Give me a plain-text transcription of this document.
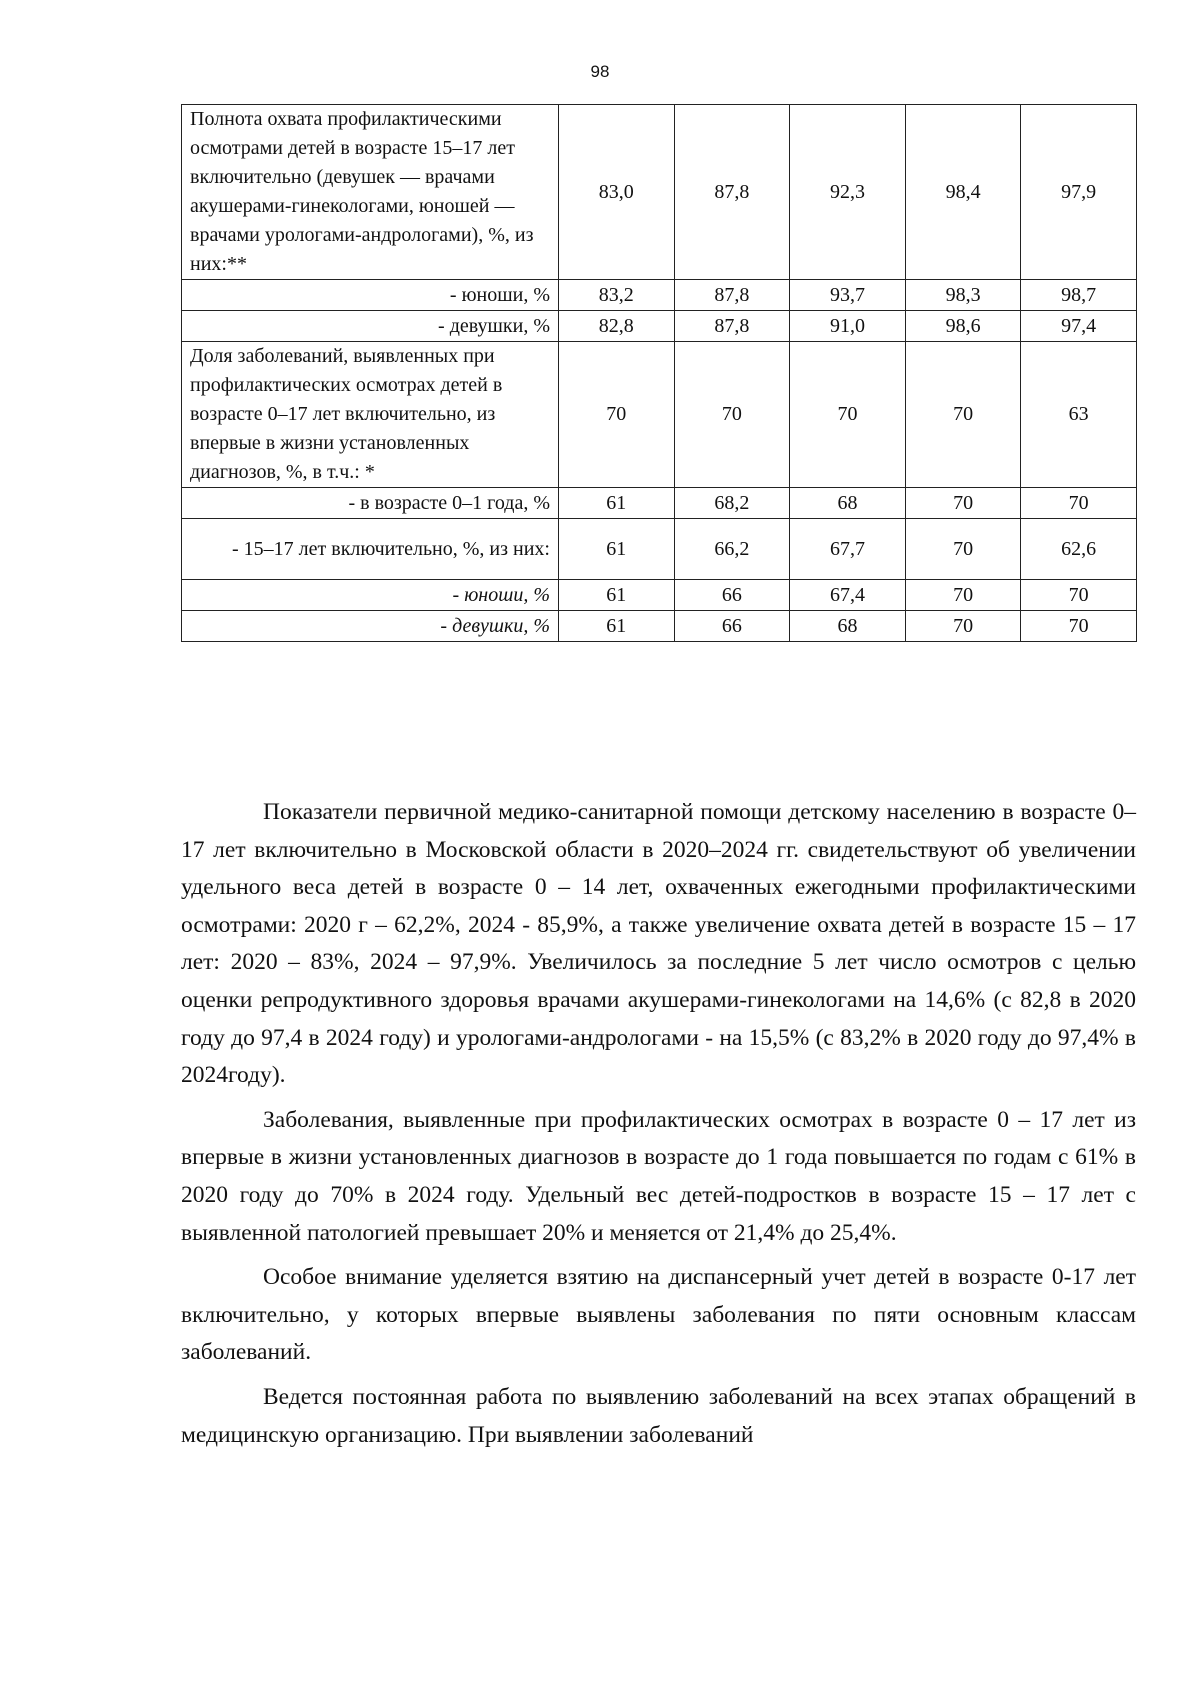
98
Полнота охвата профилактическими осмотрами детей в возрасте 15–17 лет включительно (девушек — врачами акушерами-гинекологами, юношей — врачами урологами-андрологами), %, из них:**	83,0	87,8	92,3	98,4	97,9
- юноши, %	83,2	87,8	93,7	98,3	98,7
- девушки, %	82,8	87,8	91,0	98,6	97,4
Доля заболеваний, выявленных при профилактических осмотрах детей в возрасте 0–17 лет включительно, из впервые в жизни установленных диагнозов, %, в т.ч.: *	70	70	70	70	63
- в возрасте 0–1 года, %	61	68,2	68	70	70
- 15–17 лет включительно, %, из них:	61	66,2	67,7	70	62,6
- юноши, %	61	66	67,4	70	70
- девушки, %	61	66	68	70	70

Показатели первичной медико-санитарной помощи детскому населению в возрасте 0–17 лет включительно в Московской области в 2020–2024 гг. свидетельствуют об увеличении удельного веса детей в возрасте 0 – 14 лет, охваченных ежегодными профилактическими осмотрами: 2020 г – 62,2%, 2024 - 85,9%, а также увеличение охвата детей в возрасте 15 – 17 лет: 2020 – 83%, 2024 – 97,9%. Увеличилось за последние 5 лет число осмотров с целью оценки репродуктивного здоровья врачами акушерами-гинекологами на 14,6% (с 82,8 в 2020 году до 97,4 в 2024 году) и урологами-андрологами - на 15,5% (с 83,2% в 2020 году до 97,4% в 2024году).

Заболевания, выявленные при профилактических осмотрах в возрасте 0 – 17 лет из впервые в жизни установленных диагнозов в возрасте до 1 года повышается по годам с 61% в 2020 году до 70% в 2024 году. Удельный вес детей-подростков в возрасте 15 – 17 лет с выявленной патологией превышает 20% и меняется от 21,4% до 25,4%.

Особое внимание уделяется взятию на диспансерный учет детей в возрасте 0-17 лет включительно, у которых впервые выявлены заболевания по пяти основным классам заболеваний.

Ведется постоянная работа по выявлению заболеваний на всех этапах обращений в медицинскую организацию. При выявлении заболеваний
